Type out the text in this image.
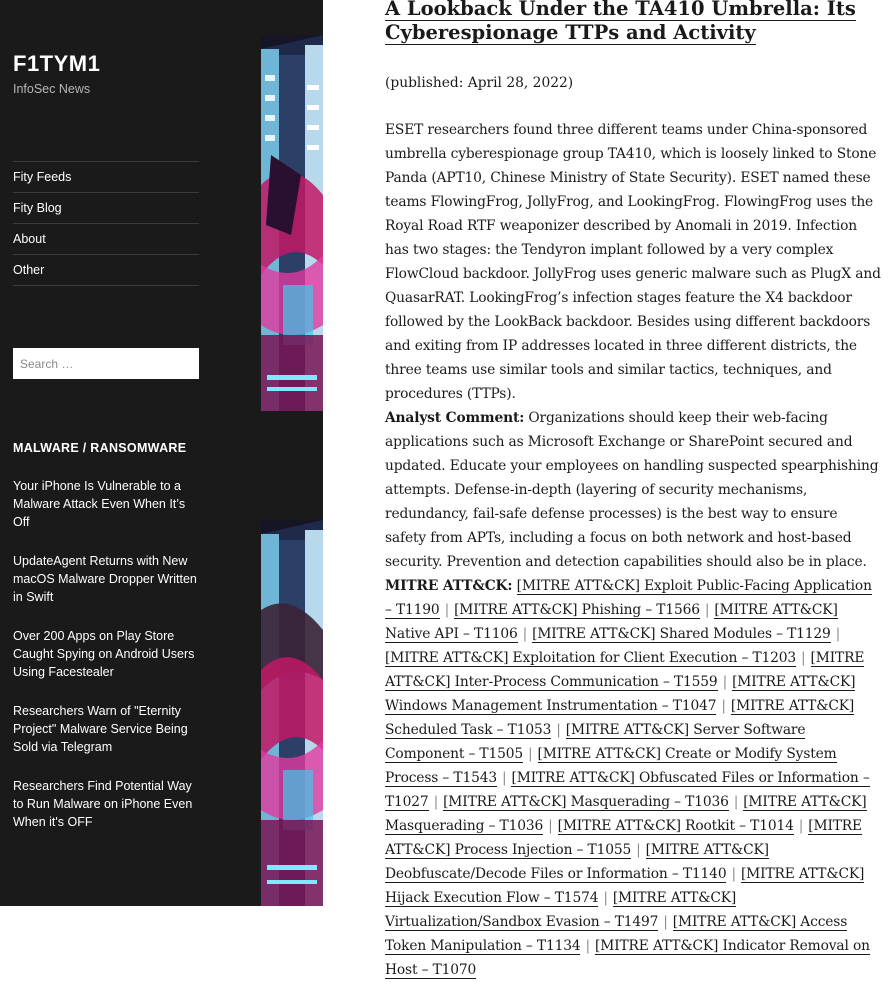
F1TYM1
InfoSec News
Fity Feeds
Fity Blog
About
Other
Search …
MALWARE / RANSOMWARE
Your iPhone Is Vulnerable to a Malware Attack Even When It’s Off
UpdateAgent Returns with New macOS Malware Dropper Written in Swift
Over 200 Apps on Play Store Caught Spying on Android Users Using Facestealer
Researchers Warn of "Eternity Project" Malware Service Being Sold via Telegram
Researchers Find Potential Way to Run Malware on iPhone Even When it's OFF
A Lookback Under the TA410 Umbrella: Its Cyberespionage TTPs and Activity

(published: April 28, 2022)

ESET researchers found three different teams under China-sponsored umbrella cyberespionage group TA410, which is loosely linked to Stone Panda (APT10, Chinese Ministry of State Security). ESET named these teams FlowingFrog, JollyFrog, and LookingFrog. FlowingFrog uses the Royal Road RTF weaponizer described by Anomali in 2019. Infection has two stages: the Tendyron implant followed by a very complex FlowCloud backdoor. JollyFrog uses generic malware such as PlugX and QuasarRAT. LookingFrog’s infection stages feature the X4 backdoor followed by the LookBack backdoor. Besides using different backdoors and exiting from IP addresses located in three different districts, the three teams use similar tools and similar tactics, techniques, and procedures (TTPs).

Analyst Comment: Organizations should keep their web-facing applications such as Microsoft Exchange or SharePoint secured and updated. Educate your employees on handling suspected spearphishing attempts. Defense-in-depth (layering of security mechanisms, redundancy, fail-safe defense processes) is the best way to ensure safety from APTs, including a focus on both network and host-based security. Prevention and detection capabilities should also be in place.

MITRE ATT&CK: [MITRE ATT&CK] Exploit Public-Facing Application – T1190 | [MITRE ATT&CK] Phishing – T1566 | [MITRE ATT&CK] Native API – T1106 | [MITRE ATT&CK] Shared Modules – T1129 |[MITRE ATT&CK] Exploitation for Client Execution – T1203 | [MITRE ATT&CK] Inter-Process Communication – T1559 | [MITRE ATT&CK] Windows Management Instrumentation – T1047 | [MITRE ATT&CK] Scheduled Task – T1053 | [MITRE ATT&CK] Server Software Component – T1505 | [MITRE ATT&CK] Create or Modify System Process – T1543 | [MITRE ATT&CK] Obfuscated Files or Information – T1027 | [MITRE ATT&CK] Masquerading – T1036 | [MITRE ATT&CK] Masquerading – T1036 | [MITRE ATT&CK] Rootkit – T1014 | [MITRE ATT&CK] Process Injection – T1055 | [MITRE ATT&CK] Deobfuscate/Decode Files or Information – T1140 | [MITRE ATT&CK] Hijack Execution Flow – T1574 | [MITRE ATT&CK] Virtualization/Sandbox Evasion – T1497 | [MITRE ATT&CK] Access Token Manipulation – T1134 | [MITRE ATT&CK] Indicator Removal on Host – T1070
